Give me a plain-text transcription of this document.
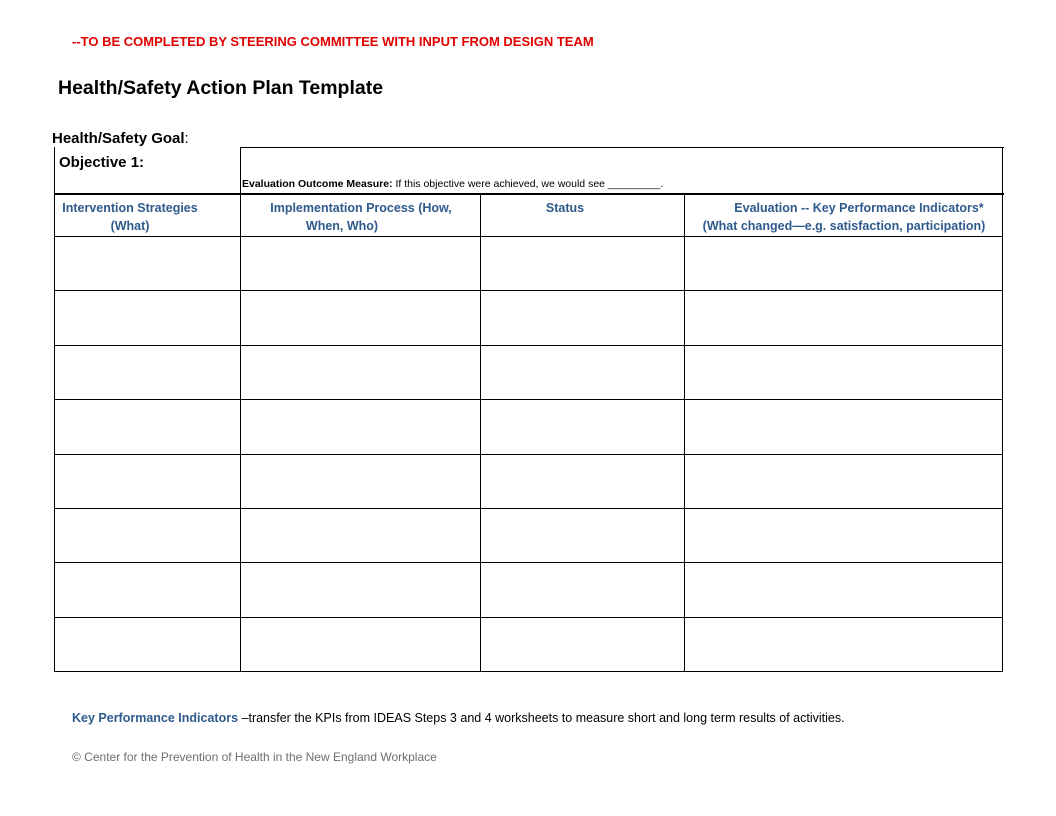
--TO BE COMPLETED BY STEERING COMMITTEE WITH INPUT FROM DESIGN TEAM
Health/Safety Action Plan Template
Health/Safety Goal:
Objective 1:
Evaluation Outcome Measure: If this objective were achieved, we would see _________.
Intervention Strategies
(What)
Implementation Process (How,
When, Who)
Status	Evaluation -- Key Performance Indicators*
(What changed—e.g. satisfaction, participation)
Key Performance Indicators –transfer the KPIs from IDEAS Steps 3 and 4 worksheets to measure short and long term results of activities.
© Center for the Prevention of Health in the New England Workplace
